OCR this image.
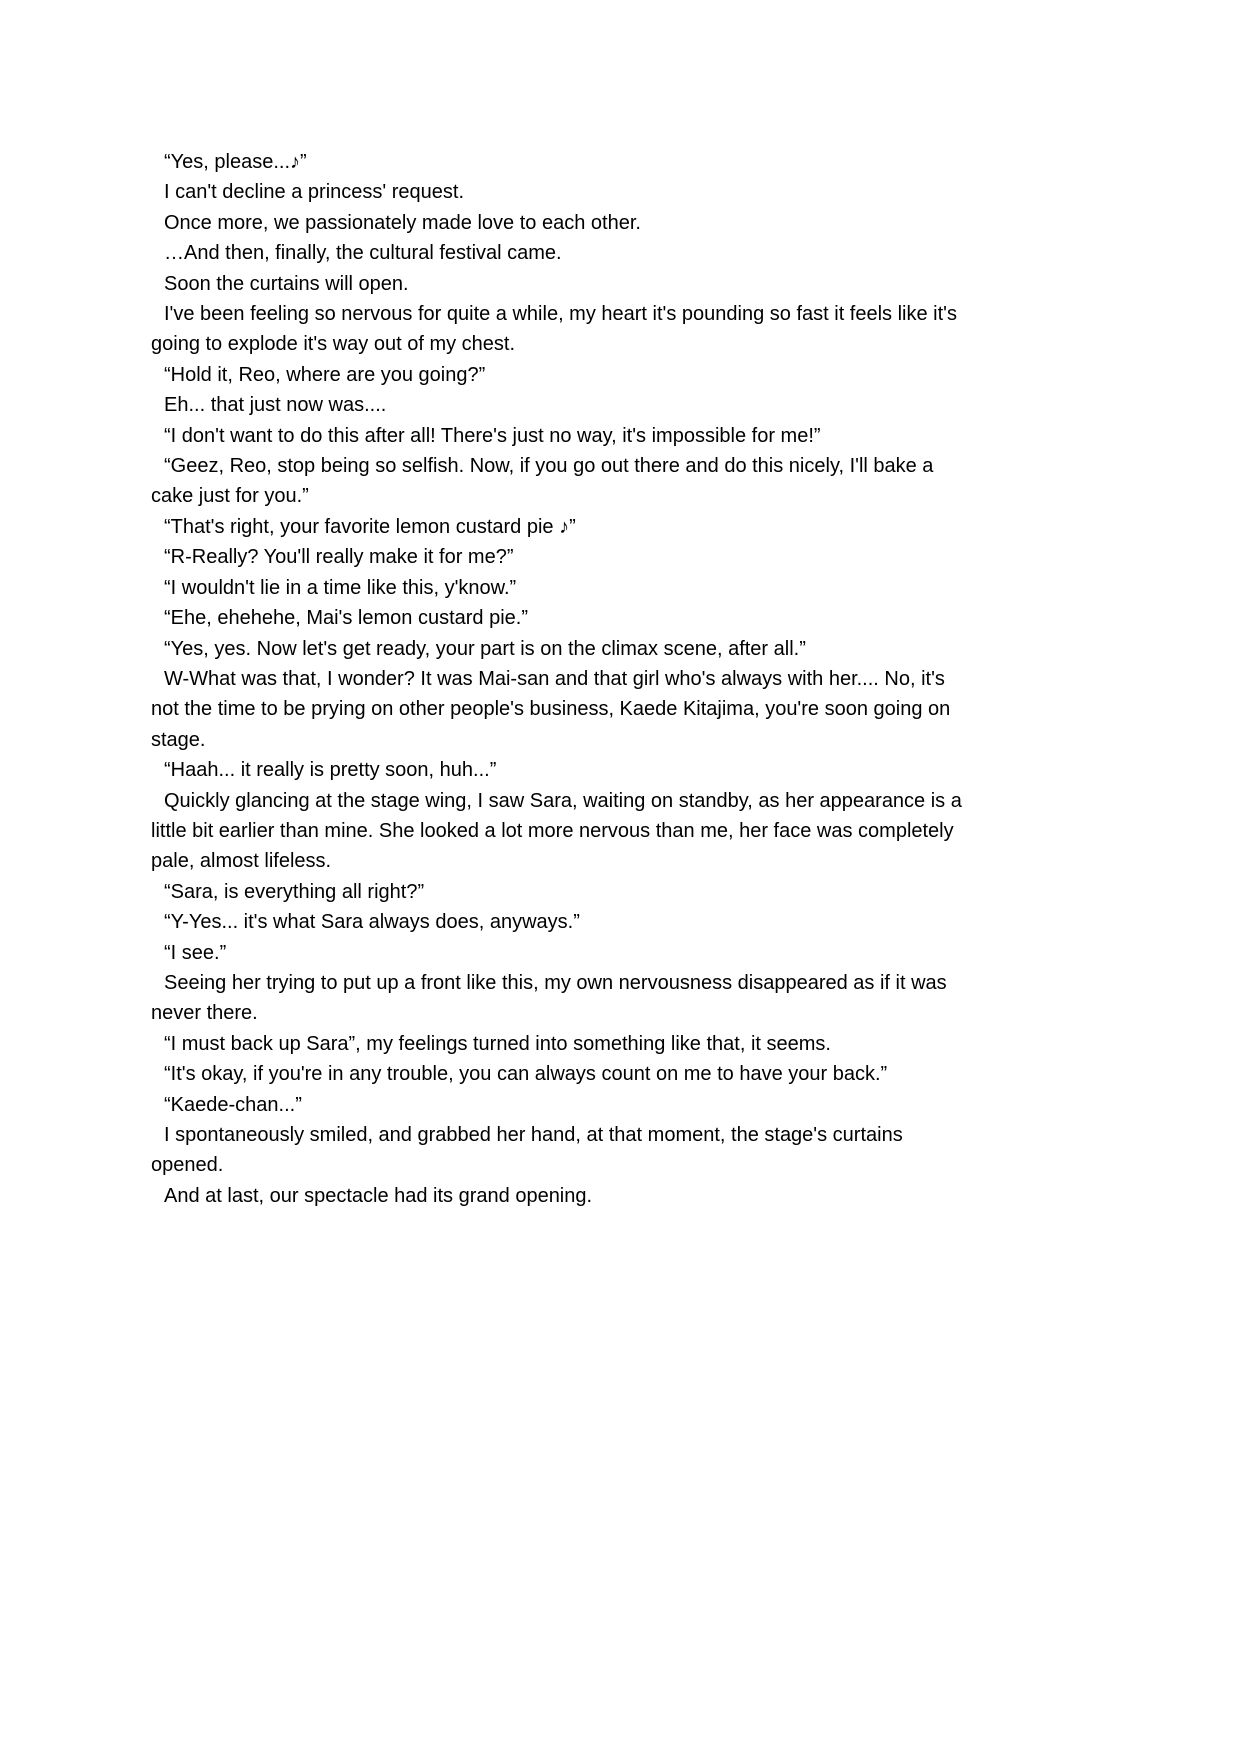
“Yes, please...♪”
I can't decline a princess' request.
Once more, we passionately made love to each other.
…And then, finally, the cultural festival came.
Soon the curtains will open.
I've been feeling so nervous for quite a while, my heart it's pounding so fast it feels like it's
going to explode it's way out of my chest.
“Hold it, Reo, where are you going?”
Eh... that just now was....
“I don't want to do this after all! There's just no way, it's impossible for me!”
“Geez, Reo, stop being so selfish. Now, if you go out there and do this nicely, I'll bake a
cake just for you.”
“That's right, your favorite lemon custard pie ♪”
“R-Really? You'll really make it for me?”
“I wouldn't lie in a time like this, y'know.”
“Ehe, ehehehe, Mai's lemon custard pie.”
“Yes, yes. Now let's get ready, your part is on the climax scene, after all.”
W-What was that, I wonder? It was Mai-san and that girl who's always with her.... No, it's
not the time to be prying on other people's business, Kaede Kitajima, you're soon going on
stage.
“Haah... it really is pretty soon, huh...”
Quickly glancing at the stage wing, I saw Sara, waiting on standby, as her appearance is a
little bit earlier than mine. She looked a lot more nervous than me, her face was completely
pale, almost lifeless.
“Sara, is everything all right?”
“Y-Yes... it's what Sara always does, anyways.”
“I see.”
Seeing her trying to put up a front like this, my own nervousness disappeared as if it was
never there.
“I must back up Sara”, my feelings turned into something like that, it seems.
“It's okay, if you're in any trouble, you can always count on me to have your back.”
“Kaede-chan...”
I spontaneously smiled, and grabbed her hand, at that moment, the stage's curtains
opened.
And at last, our spectacle had its grand opening.
